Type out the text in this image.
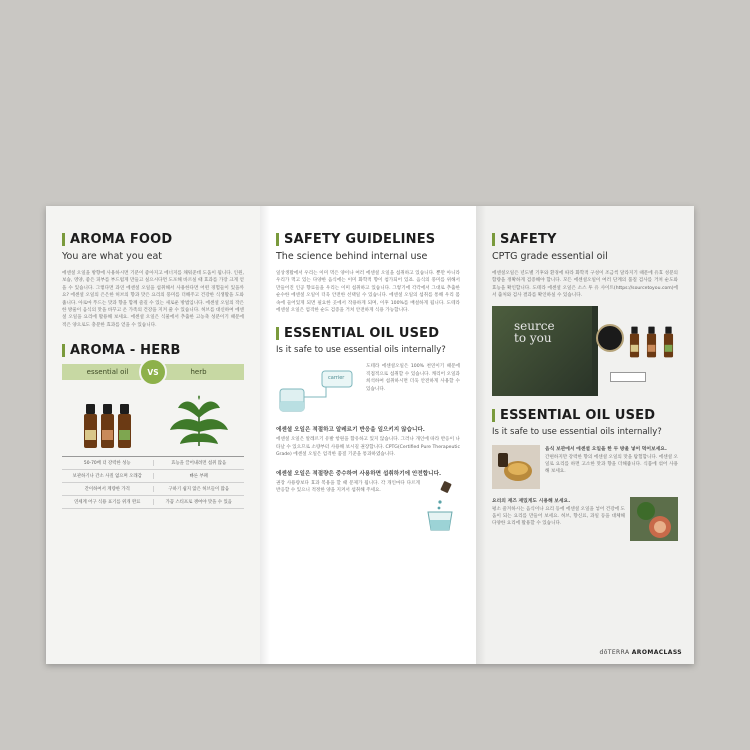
AROMA FOOD
You are what you eat
에센셜 오일을 방향에 사용하시면 기분이 좋아지고 에너지를 채워준데 도움이 됩니다. 인원, 보습, 영양, 좋은 피부를 부드럽게 만들고 실으시다면 도포해 바르실 때 효과를 가장 크게 얻을 수 있습니다. 그렇다면 과연 에센셜 오일을 섭취해서 사용한다면 어떤 경험들이 있을까요? 에센셜 오일의 은은한 허브의 향과 맛은 요리의 풍미를 더해주고 건강한 식생활을 도와줍니다. 아로마 푸드는 맛과 향을 함께 즐길 수 있는 새로운 방법입니다. 에센셜 오일의 작은 한 방울이 음식의 맛을 바꾸고 온 가족의 건강을 지켜 줄 수 있습니다. 허브를 대신하여 에센셜 오일을 요리에 활용해 보세요. 에센셜 오일은 식물에서 추출한 고농축 성분이기 때문에 적은 양으로도 충분한 효과를 얻을 수 있습니다.
AROMA - HERB
essential oil	herb
VS
50-70배 더 강력한 성능	효능을 끌어내려면 섭취 많음
보관하기나 간소 사질 없으며 오래감	빠른 부패
간이하여서 계량한 가격	구하기 쉽지 않은 허브들이 많음
연세계 어구 식용 표기를 위개 완료	가끔 스티프로 쟁여야 맛을 수 있음
SAFETY GUIDELINES
The science behind internal use
일상생활에서 우리는 이미 먹은 양이나 여러 에센셜 오일을 섭취하고 있습니다. 뿐만 아니라 우리가 먹고 있는 다양한 음식에는 이미 화학적 향이 첨가되어 있죠. 음식의 풍미를 위해서 만들어진 인공 향료들을 우리는 이미 섭취하고 있습니다. 그렇기에 각각에서 그대로 추출한 순수한 에센셜 오일이 더욱 안전한 선택일 수 있습니다. 에센셜 오일의 섭취를 통해 우리 몸 속에 들어있게 되면 필요한 곳에서 작용하게 되며, 이후 100%를 배설하게 됩니다. 도테라 에센셜 오일은 엄격한 순도 검증을 거쳐 안전하게 식용 가능합니다.
ESSENTIAL OIL USED
Is it safe to use essential oils internally?
carrier
도테라 에센셜오일은 100% 천연이기 때문에 직접적으로 섭취할 수 있습니다. 캐리어 오일과 희석하여 섭취하시면 더욱 안전하게 사용할 수 있습니다.
에센셜 오일은 적절하고 알레르기 반응을 일으키지 않습니다.
에센셜 오일은 알레르기 유발 항원을 함유하고 있지 않습니다. 그러나 개인에 따라 반응이 나타날 수 있으므로 소량부터 사용해 보시길 권장합니다. CPTG(Certified Pure Therapeutic Grade) 에센셜 오일은 엄격한 품질 기준을 통과하였습니다.
에센셜 오일은 적절량은 중수하여 사용하면 섭취하기에 안전합니다.
권장 사용량보다 효과 복용을 할 때 문제가 됩니다. 각 개인마다 다르게 반응할 수 있으니 적정한 양을 지켜서 섭취해 주세요.
SAFETY
CPTG grade essential oil
에센셜오일은 년도별 기후와 환경에 따라 화학적 구성이 조금씩 달라지기 때문에 유효 성분의 함량을 정확하게 검증해야 합니다. 모든 에센셜오일이 여러 단계의 품질 검사를 거쳐 순도와 효능을 확인합니다. 도테라 에센셜 오일은 소스 투 유 사이트(https://sourcetoyou.com)에서 출처와 검사 결과를 확인하실 수 있습니다.
seurce
to you
ESSENTIAL OIL USED
Is it safe to use essential oils internally?
음식 보관에서 에센셜 오일을 한 두 방울 넣어 먹어보세요.
간편하지만 강력한 향의 에센셜 오일의 맛을 탐험합니다. 에센셜 오일로 요리를 하면 고소한 맛과 향을 더해줍니다. 식품에 섞어 사용해 보세요.
요리의 재즈 재밌게도 시용해 보세요.
평소 즐겨하시는 음식이나 요리 등에 에센셜 오일을 넣어 건강에 도움이 되는 요리를 만들어 보세요. 허브, 향신료, 과일 등을 대체해 다양한 요리에 활용할 수 있습니다.
dōTERRA AROMACLASS
